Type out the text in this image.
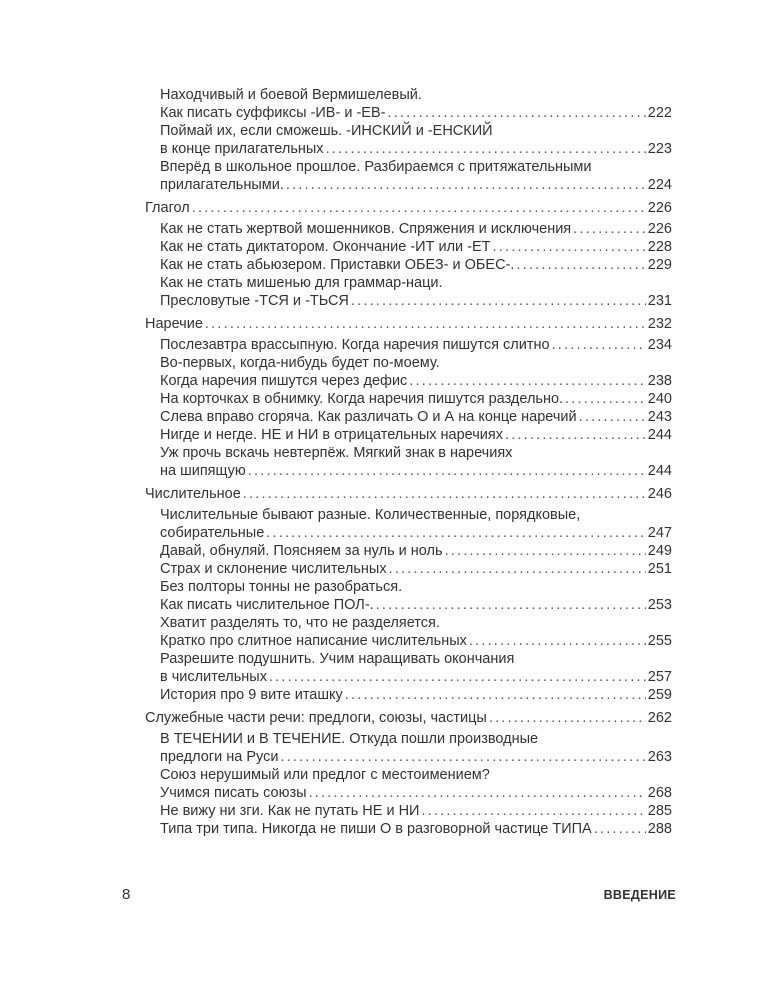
Находчивый и боевой Вермишелевый.
Как писать суффиксы -ИВ- и -ЕВ- .....	222
Поймай их, если сможешь. -ИНСКИЙ и -ЕНСКИЙ
в конце прилагательных .....	223
Вперёд в школьное прошлое. Разбираемся с притяжательными
прилагательными. .....	224
Глагол .....	226
Как не стать жертвой мошенников. Спряжения и исключения .....	226
Как не стать диктатором. Окончание -ИТ или -ЕТ .....	228
Как не стать абьюзером. Приставки ОБЕЗ- и ОБЕС-. .....	229
Как не стать мишенью для граммар-наци.
Пресловутые -ТСЯ и -ТЬСЯ .....	231
Наречие .....	232
Послезавтра врассыпную. Когда наречия пишутся слитно .....	234
Во-первых, когда-нибудь будет по-моему.
Когда наречия пишутся через дефис .....	238
На корточках в обнимку. Когда наречия пишутся раздельно. .....	240
Слева вправо сгоряча. Как различать О и А на конце наречий .....	243
Нигде и негде. НЕ и НИ в отрицательных наречиях .....	244
Уж прочь вскачь невтерпёж. Мягкий знак в наречиях
на шипящую .....	244
Числительное .....	246
Числительные бывают разные. Количественные, порядковые,
собирательные .....	247
Давай, обнуляй. Поясняем за нуль и ноль .....	249
Страх и склонение числительных .....	251
Без полторы тонны не разобраться.
Как писать числительное ПОЛ-. .....	253
Хватит разделять то, что не разделяется.
Кратко про слитное написание числительных .....	255
Разрешите подушнить. Учим наращивать окончания
в числительных .....	257
История про 9 вите иташку .....	259
Служебные части речи: предлоги, союзы, частицы .....	262
В ТЕЧЕНИИ и В ТЕЧЕНИЕ. Откуда пошли производные
предлоги на Руси .....	263
Союз нерушимый или предлог с местоимением?
Учимся писать союзы .....	268
Не вижу ни зги. Как не путать НЕ и НИ .....	285
Типа три типа. Никогда не пиши О в разговорной частице ТИПА .....	288
8	ВВЕДЕНИЕ
